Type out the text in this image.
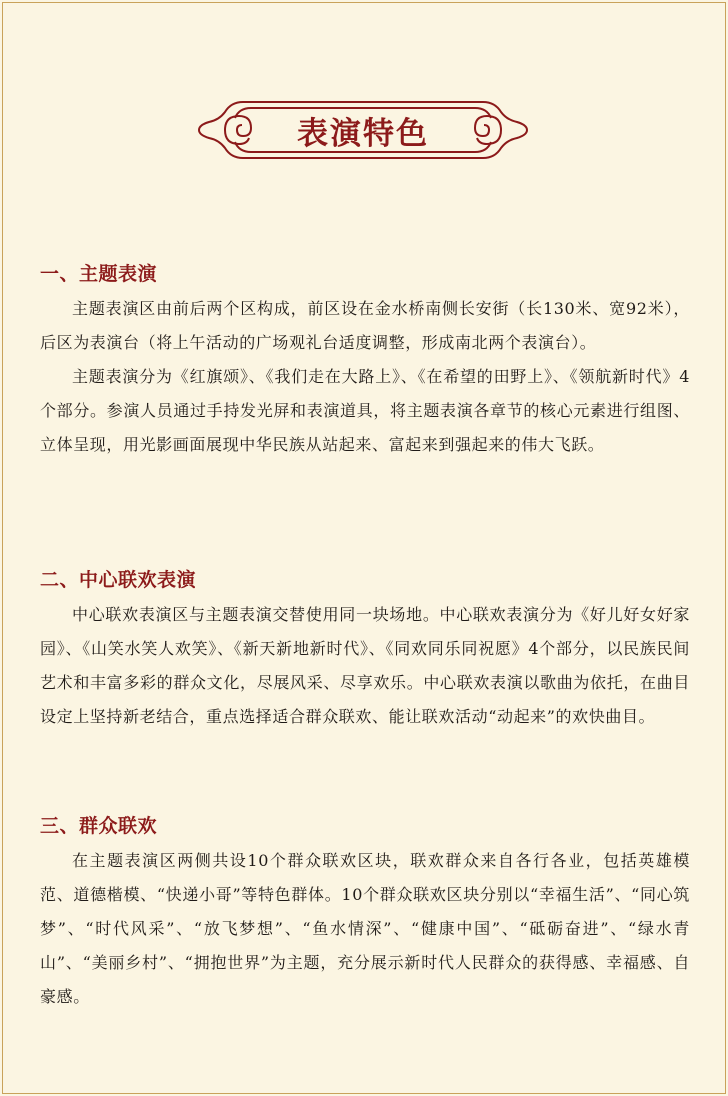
表演特色
一、主题表演

主题表演区由前后两个区构成，前区设在金水桥南侧长安街（长130米、宽92米），后区为表演台（将上午活动的广场观礼台适度调整，形成南北两个表演台）。

主题表演分为《红旗颂》、《我们走在大路上》、《在希望的田野上》、《领航新时代》4个部分。参演人员通过手持发光屏和表演道具，将主题表演各章节的核心元素进行组图、立体呈现，用光影画面展现中华民族从站起来、富起来到强起来的伟大飞跃。

二、中心联欢表演

中心联欢表演区与主题表演交替使用同一块场地。中心联欢表演分为《好儿好女好家园》、《山笑水笑人欢笑》、《新天新地新时代》、《同欢同乐同祝愿》4个部分，以民族民间艺术和丰富多彩的群众文化，尽展风采、尽享欢乐。中心联欢表演以歌曲为依托，在曲目设定上坚持新老结合，重点选择适合群众联欢、能让联欢活动“动起来”的欢快曲目。

三、群众联欢

在主题表演区两侧共设10个群众联欢区块，联欢群众来自各行各业，包括英雄模范、道德楷模、“快递小哥”等特色群体。10个群众联欢区块分别以“幸福生活”、“同心筑梦”、“时代风采”、“放飞梦想”、“鱼水情深”、“健康中国”、“砥砺奋进”、“绿水青山”、“美丽乡村”、“拥抱世界”为主题，充分展示新时代人民群众的获得感、幸福感、自豪感。
